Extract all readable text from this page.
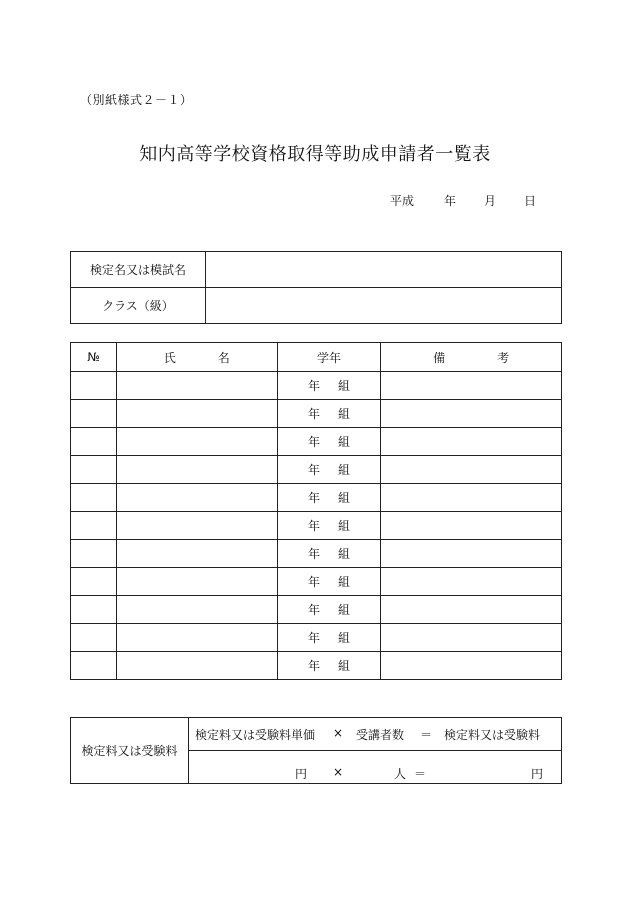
（別紙様式２－１）
知内高等学校資格取得等助成申請者一覧表
平成 年 月 日
検定名又は模試名	
クラス（級）	
№	氏 名	学年	備 考
		年 組	
		年 組	
		年 組	
		年 組	
		年 組	
		年 組	
		年 組	
		年 組	
		年 組	
		年 組	
		年 組	
検定料又は受験料	
検定料又は受験料単価 × 受講者数 ＝ 検定料又は受験料

円 ×	人 ＝	円
